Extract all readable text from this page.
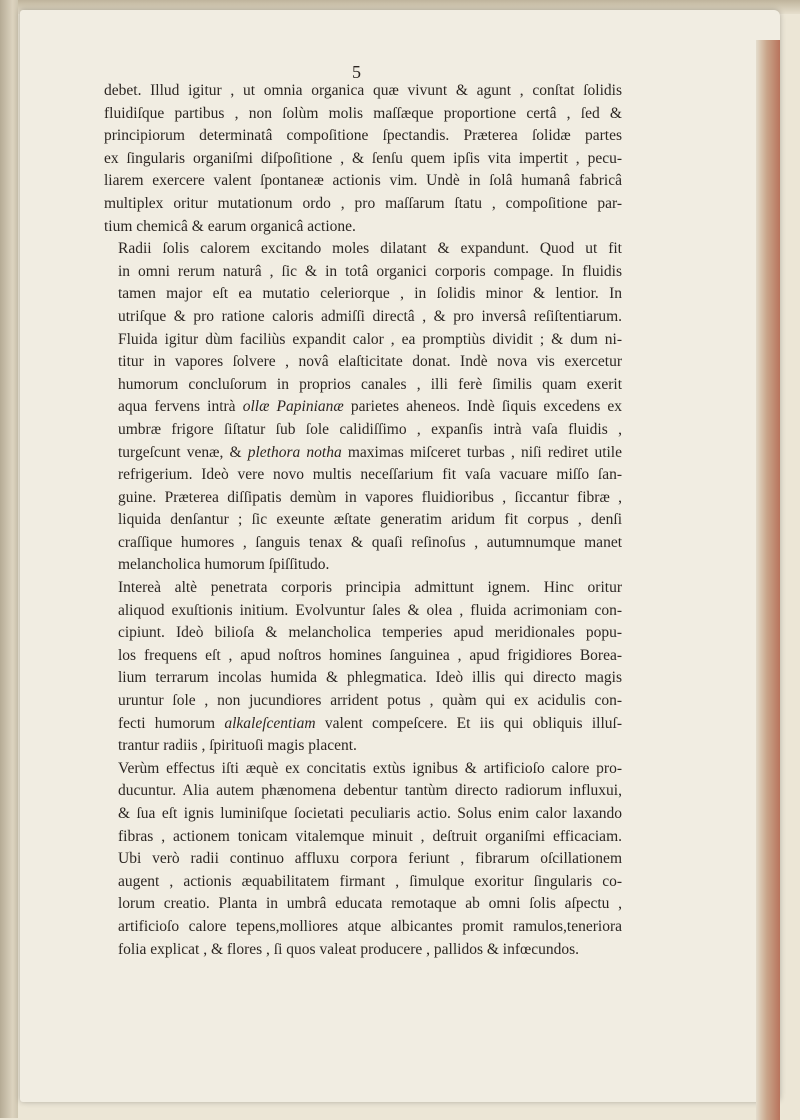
5

debet. Illud igitur , ut omnia organica quæ vivunt & agunt , conſtat ſolidis
fluidiſque partibus , non ſolùm molis maſſæque proportione certâ , ſed &
principiorum determinatâ compoſitione ſpectandis. Præterea ſolidæ partes
ex ſingularis organiſmi diſpoſitione , & ſenſu quem ipſis vita impertit , pecu-
liarem exercere valent ſpontaneæ actionis vim. Undè in ſolâ humanâ fabricâ
multiplex oritur mutationum ordo , pro maſſarum ſtatu , compoſitione par-
tium chemicâ & earum organicâ actione.

Radii ſolis calorem excitando moles dilatant & expandunt. Quod ut fit
in omni rerum naturâ , ſic & in totâ organici corporis compage. In fluidis
tamen major eſt ea mutatio celeriorque , in ſolidis minor & lentior. In
utriſque & pro ratione caloris admiſſi directâ , & pro inversâ reſiſtentiarum.
Fluida igitur dùm faciliùs expandit calor , ea promptiùs dividit ; & dum ni-
titur in vapores ſolvere , novâ elaſticitate donat. Indè nova vis exercetur
humorum concluſorum in proprios canales , illi ferè ſimilis quam exerit
aqua fervens intrà ollæ Papinianæ parietes aheneos. Indè ſiquis excedens ex
umbræ frigore ſiſtatur ſub ſole calidiſſimo , expanſis intrà vaſa fluidis ,
turgeſcunt venæ, & plethora notha maximas miſceret turbas , niſi rediret utile
refrigerium. Ideò vere novo multis neceſſarium fit vaſa vacuare miſſo ſan-
guine. Præterea diſſipatis demùm in vapores fluidioribus , ſiccantur fibræ ,
liquida denſantur ; ſic exeunte æſtate generatim aridum fit corpus , denſi
craſſique humores , ſanguis tenax & quaſi reſinoſus , autumnumque manet
melancholica humorum ſpiſſitudo.

Intereà altè penetrata corporis principia admittunt ignem. Hinc oritur
aliquod exuſtionis initium. Evolvuntur ſales & olea , fluida acrimoniam con-
cipiunt. Ideò bilioſa & melancholica temperies apud meridionales popu-
los frequens eſt , apud noſtros homines ſanguinea , apud frigidiores Borea-
lium terrarum incolas humida & phlegmatica. Ideò illis qui directo magis
uruntur ſole , non jucundiores arrident potus , quàm qui ex acidulis con-
fecti humorum alkaleſcentiam valent compeſcere. Et iis qui obliquis illuſ-
trantur radiis , ſpirituoſi magis placent.

Verùm effectus iſti æquè ex concitatis extùs ignibus & artificioſo calore pro-
ducuntur. Alia autem phænomena debentur tantùm directo radiorum influxui,
& ſua eſt ignis luminiſque ſocietati peculiaris actio. Solus enim calor laxando
fibras , actionem tonicam vitalemque minuit , deſtruit organiſmi efficaciam.
Ubi verò radii continuo affluxu corpora feriunt , fibrarum oſcillationem
augent , actionis æquabilitatem firmant , ſimulque exoritur ſingularis co-
lorum creatio. Planta in umbrâ educata remotaque ab omni ſolis aſpectu ,
artificioſo calore tepens,molliores atque albicantes promit ramulos,teneriora
folia explicat , & flores , ſi quos valeat producere , pallidos & infœcundos.
